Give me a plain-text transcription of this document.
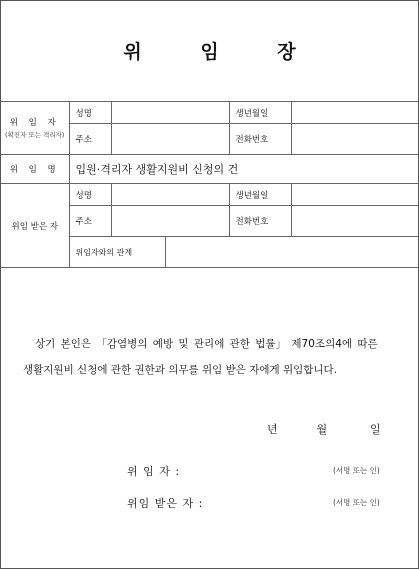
위 임 장
위 임 자
(확진자 또는 격리자)	성명			생년월일	
	주소			전화번호	

위 임 명	입원·격리자 생활지원비 신청의 건				
위임 받은 자	성명			생년월일	
	주소			전화번호	
	위임자와의 관계				
상기 본인은 「감염병의 예방 및 관리에 관한 법률」 제70조의4에 따른
생활지원비 신청에 관한 권한과 의무를 위임 받은 자에게 위임합니다.
년	월	일
위 임 자 :	(서명 또는 인)
위임 받은 자 :	(서명 또는 인)
